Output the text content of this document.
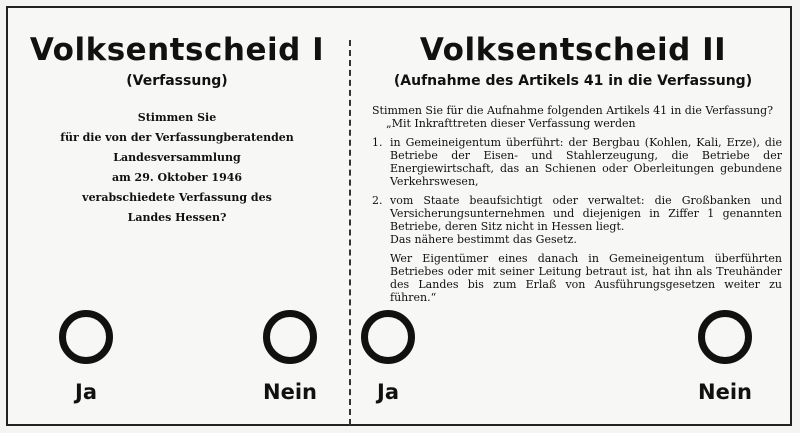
Volksentscheid I
(Verfassung)
Stimmen Sie
für die von der Verfassungberatenden
Landesversammlung
am 29. Oktober 1946
verabschiedete Verfassung des
Landes Hessen?
Volksentscheid II
(Aufnahme des Artikels 41 in die Verfassung)
Stimmen Sie für die Aufnahme folgenden Artikels 41 in die Verfassung?
„Mit Inkrafttreten dieser Verfassung werden
1. in Gemeineigentum überführt: der Bergbau (Kohlen, Kali, Erze), die Betriebe der Eisen- und Stahlerzeugung, die Betriebe der Energiewirtschaft, das an Schienen oder Oberleitungen gebundene Verkehrswesen,
2. vom Staate beaufsichtigt oder verwaltet: die Großbanken und Versicherungsunternehmen und diejenigen in Ziffer 1 genannten Betriebe, deren Sitz nicht in Hessen liegt.
Das nähere bestimmt das Gesetz.
Wer Eigentümer eines danach in Gemeineigentum überführten Betriebes oder mit seiner Leitung betraut ist, hat ihn als Treuhänder des Landes bis zum Erlaß von Ausführungsgesetzen weiter zu führen.“
Ja	Nein	Ja	Nein
